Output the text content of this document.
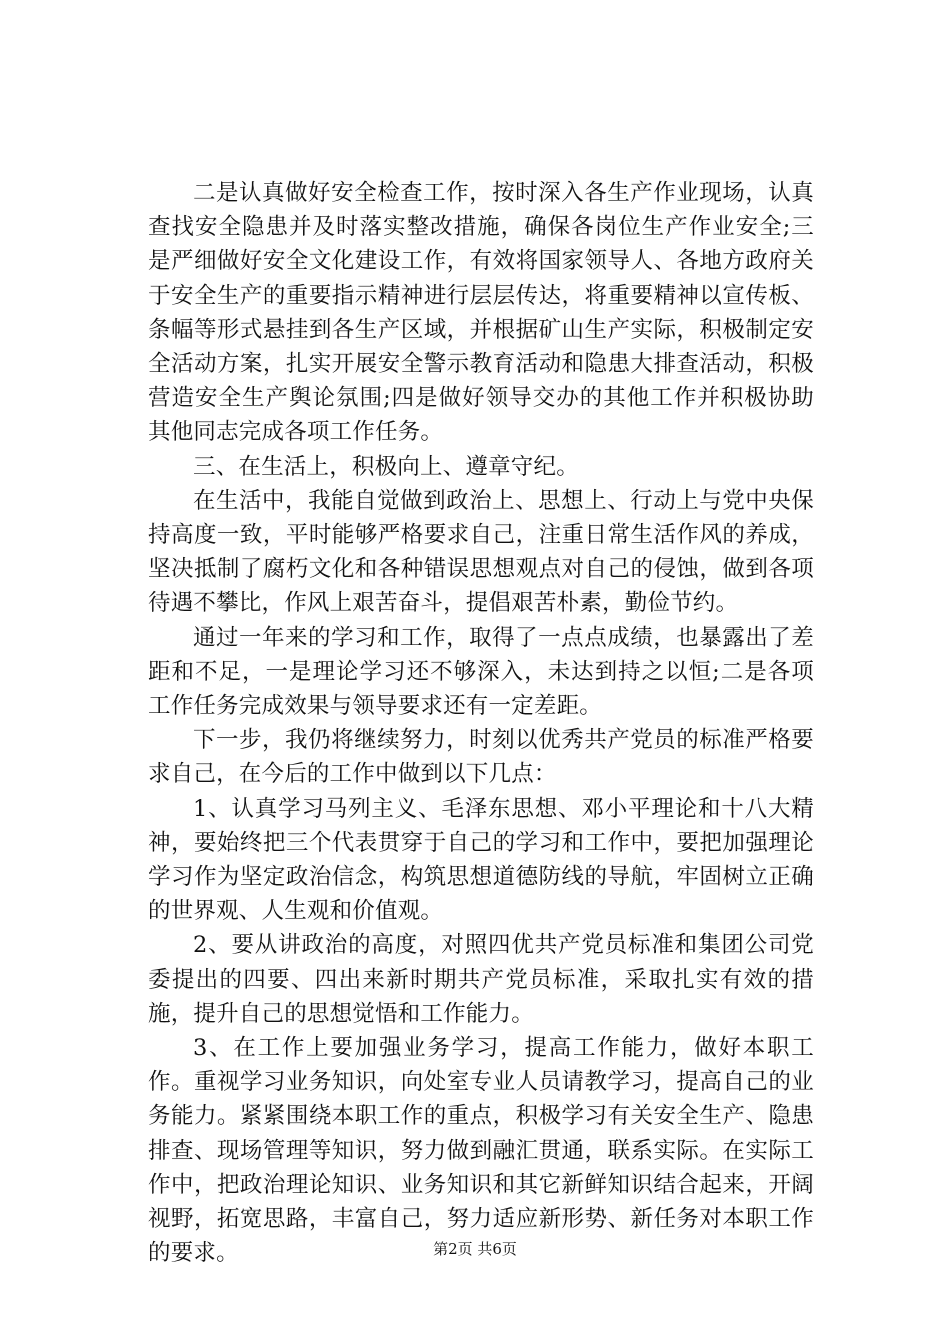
二是认真做好安全检查工作，按时深入各生产作业现场，认真查找安全隐患并及时落实整改措施，确保各岗位生产作业安全;三是严细做好安全文化建设工作，有效将国家领导人、各地方政府关于安全生产的重要指示精神进行层层传达，将重要精神以宣传板、条幅等形式悬挂到各生产区域，并根据矿山生产实际，积极制定安全活动方案，扎实开展安全警示教育活动和隐患大排查活动，积极营造安全生产舆论氛围;四是做好领导交办的其他工作并积极协助其他同志完成各项工作任务。

三、在生活上，积极向上、遵章守纪。

在生活中，我能自觉做到政治上、思想上、行动上与党中央保持高度一致，平时能够严格要求自己，注重日常生活作风的养成，坚决抵制了腐朽文化和各种错误思想观点对自己的侵蚀，做到各项待遇不攀比，作风上艰苦奋斗，提倡艰苦朴素，勤俭节约。

通过一年来的学习和工作，取得了一点点成绩，也暴露出了差距和不足，一是理论学习还不够深入，未达到持之以恒;二是各项工作任务完成效果与领导要求还有一定差距。

下一步，我仍将继续努力，时刻以优秀共产党员的标准严格要求自己，在今后的工作中做到以下几点：

1、认真学习马列主义、毛泽东思想、邓小平理论和十八大精神，要始终把三个代表贯穿于自己的学习和工作中，要把加强理论学习作为坚定政治信念，构筑思想道德防线的导航，牢固树立正确的世界观、人生观和价值观。

2、要从讲政治的高度，对照四优共产党员标准和集团公司党委提出的四要、四出来新时期共产党员标准，采取扎实有效的措施，提升自己的思想觉悟和工作能力。

3、在工作上要加强业务学习，提高工作能力，做好本职工作。重视学习业务知识，向处室专业人员请教学习，提高自己的业务能力。紧紧围绕本职工作的重点，积极学习有关安全生产、隐患排查、现场管理等知识，努力做到融汇贯通，联系实际。在实际工作中，把政治理论知识、业务知识和其它新鲜知识结合起来，开阔视野，拓宽思路，丰富自己，努力适应新形势、新任务对本职工作的要求。	第2页 共6页
